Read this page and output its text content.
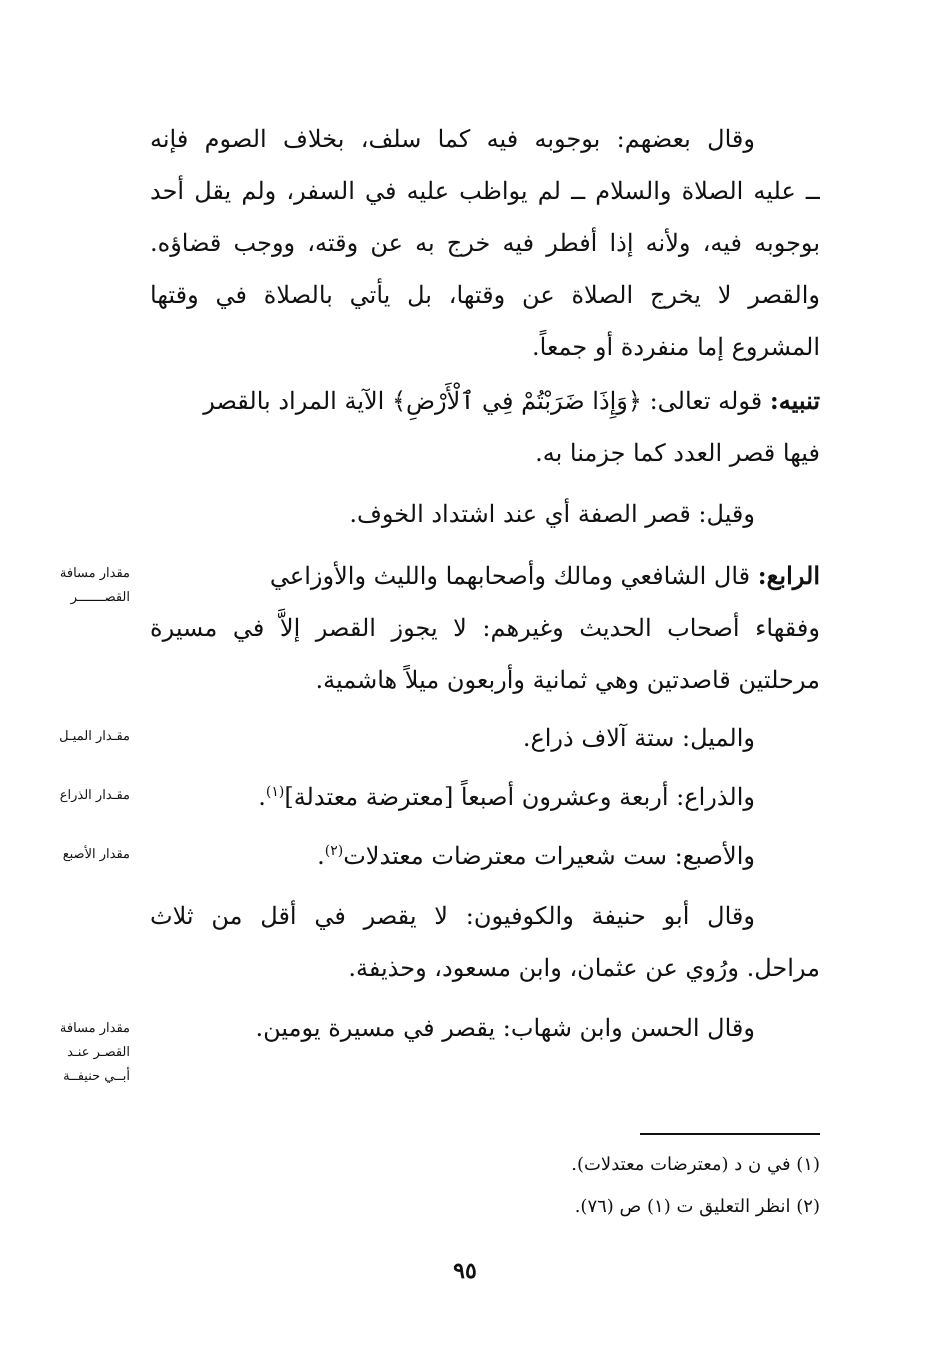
وقال بعضهم: بوجوبه فيه كما سلف، بخلاف الصوم فإنه
ــ عليه الصلاة والسلام ــ لم يواظب عليه في السفر، ولم يقل أحد
بوجوبه فيه، ولأنه إذا أفطر فيه خرج به عن وقته، ووجب قضاؤه.
والقصر لا يخرج الصلاة عن وقتها، بل يأتي بالصلاة في وقتها
المشروع إما منفردة أو جمعاً.
تنبيه: قوله تعالى: ﴿وَإِذَا ضَرَبْتُمْ فِي ٱلْأَرْضِ﴾ الآية المراد بالقصر
فيها قصر العدد كما جزمنا به.
وقيل: قصر الصفة أي عند اشتداد الخوف.
الرابع: قال الشافعي ومالك وأصحابهما والليث والأوزاعي
وفقهاء أصحاب الحديث وغيرهم: لا يجوز القصر إلاَّ في مسيرة
مرحلتين قاصدتين وهي ثمانية وأربعون ميلاً هاشمية.
والميل: ستة آلاف ذراع.
والذراع: أربعة وعشرون أصبعاً [معترضة معتدلة]$^{(١)}$.
والأصبع: ست شعيرات معترضات معتدلات$^{(٢)}$.
وقال أبو حنيفة والكوفيون: لا يقصر في أقل من ثلاث
مراحل. ورُوي عن عثمان، وابن مسعود، وحذيفة.
وقال الحسن وابن شهاب: يقصر في مسيرة يومين.
مقدار مسافة
القصـــــــر
مقـدار الميـل
مقـدار الذراع
مقدار الأصبع
مقدار مسافة
القصـر عنـد
أبــي حنيفــة
(١) في ن د (معترضات معتدلات).
(٢) انظر التعليق ت (١) ص (٧٦).
٩٥
